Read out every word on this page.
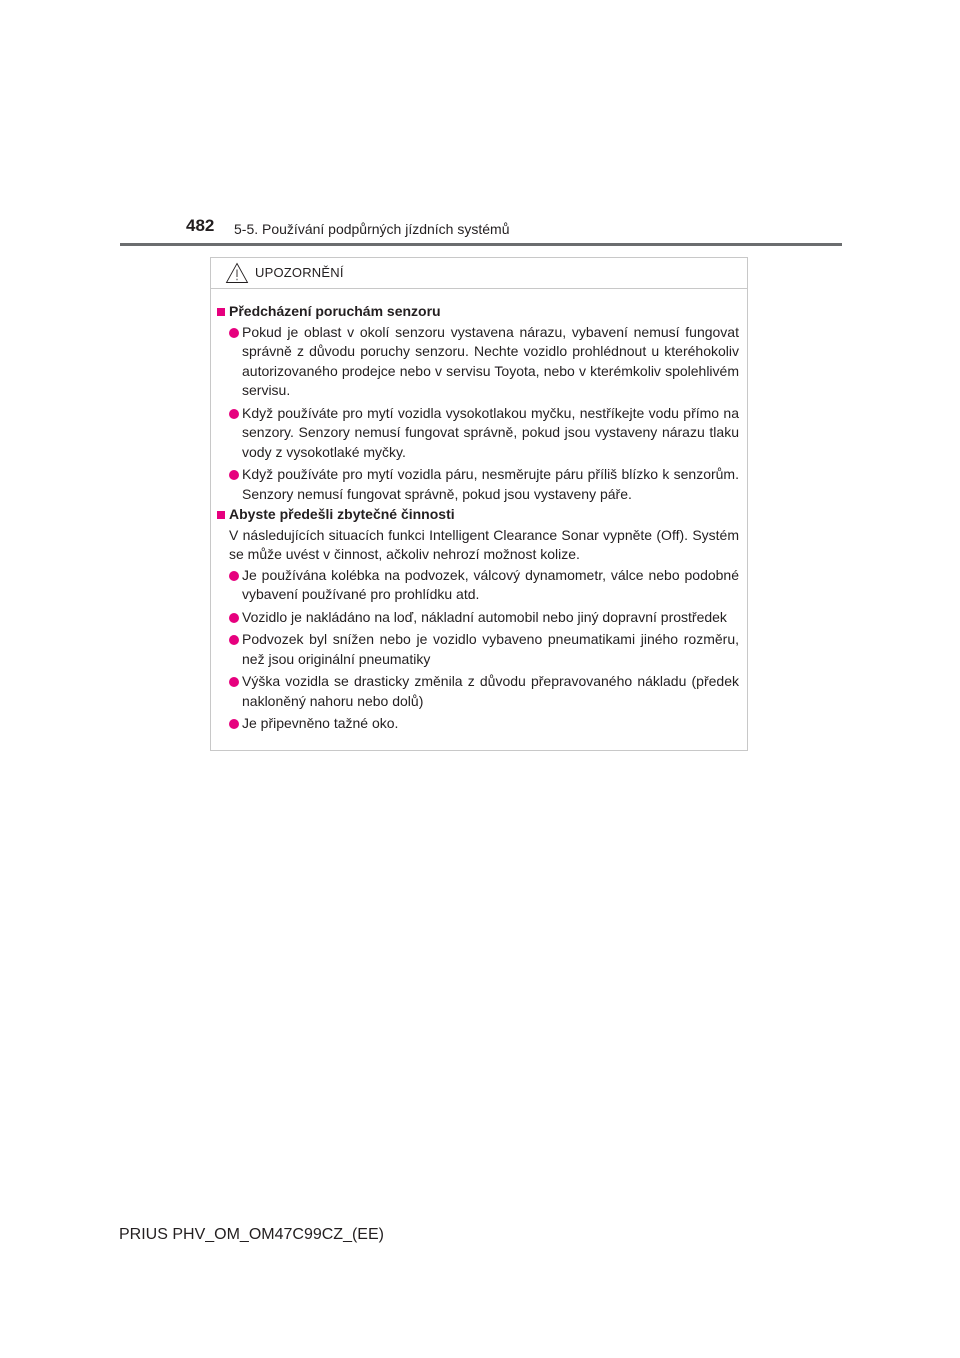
482 5-5. Používání podpůrných jízdních systémů
UPOZORNĚNÍ
Předcházení poruchám senzoru
Pokud je oblast v okolí senzoru vystavena nárazu, vybavení nemusí fungovat správně z důvodu poruchy senzoru. Nechte vozidlo prohlédnout u kteréhokoliv autorizovaného prodejce nebo v servisu Toyota, nebo v kterémkoliv spolehlivém servisu.
Když používáte pro mytí vozidla vysokotlakou myčku, nestříkejte vodu přímo na senzory. Senzory nemusí fungovat správně, pokud jsou vystaveny nárazu tlaku vody z vysokotlaké myčky.
Když používáte pro mytí vozidla páru, nesměrujte páru příliš blízko k senzorům. Senzory nemusí fungovat správně, pokud jsou vystaveny páře.
Abyste předešli zbytečné činnosti
V následujících situacích funkci Intelligent Clearance Sonar vypněte (Off). Systém se může uvést v činnost, ačkoliv nehrozí možnost kolize.
Je používána kolébka na podvozek, válcový dynamometr, válce nebo podobné vybavení používané pro prohlídku atd.
Vozidlo je nakládáno na loď, nákladní automobil nebo jiný dopravní prostředek
Podvozek byl snížen nebo je vozidlo vybaveno pneumatikami jiného rozměru, než jsou originální pneumatiky
Výška vozidla se drasticky změnila z důvodu přepravovaného nákladu (předek nakloněný nahoru nebo dolů)
Je připevněno tažné oko.
PRIUS PHV_OM_OM47C99CZ_(EE)
